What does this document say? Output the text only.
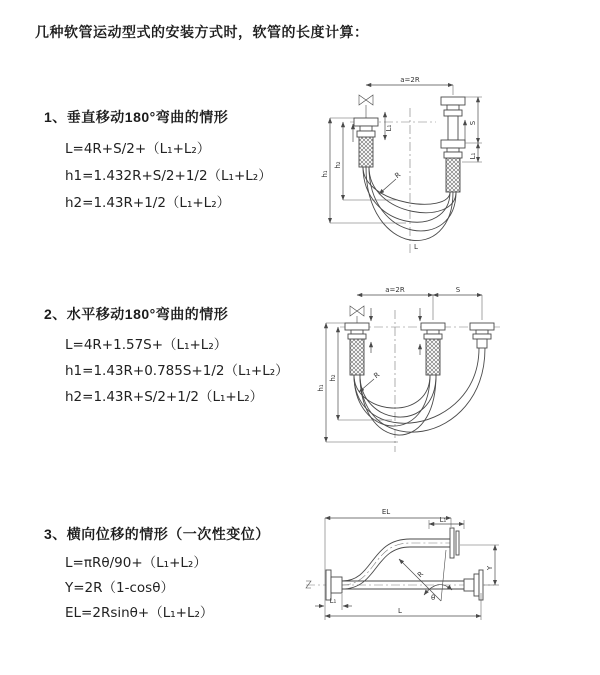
几种软管运动型式的安装方式时，软管的长度计算：
1、垂直移动180°弯曲的情形
L=4R+S/2+（L₁+L₂）
h1=1.432R+S/2+1/2（L₁+L₂）
h2=1.43R+1/2（L₁+L₂）
2、水平移动180°弯曲的情形
L=4R+1.57S+（L₁+L₂）
h1=1.43R+0.785S+1/2（L₁+L₂）
h2=1.43R+S/2+1/2（L₁+L₂）
3、横向位移的情形（一次性变位）
L=πRθ/90+（L₁+L₂）
Y=2R（1-cosθ）
EL=2Rsinθ+（L₁+L₂）
a=2R
h₁
h₂
S
L₁
L₁
R
L
a=2R	S
h₁
h₂	R
EL
L₁
Y
R
θ
L
L₁
